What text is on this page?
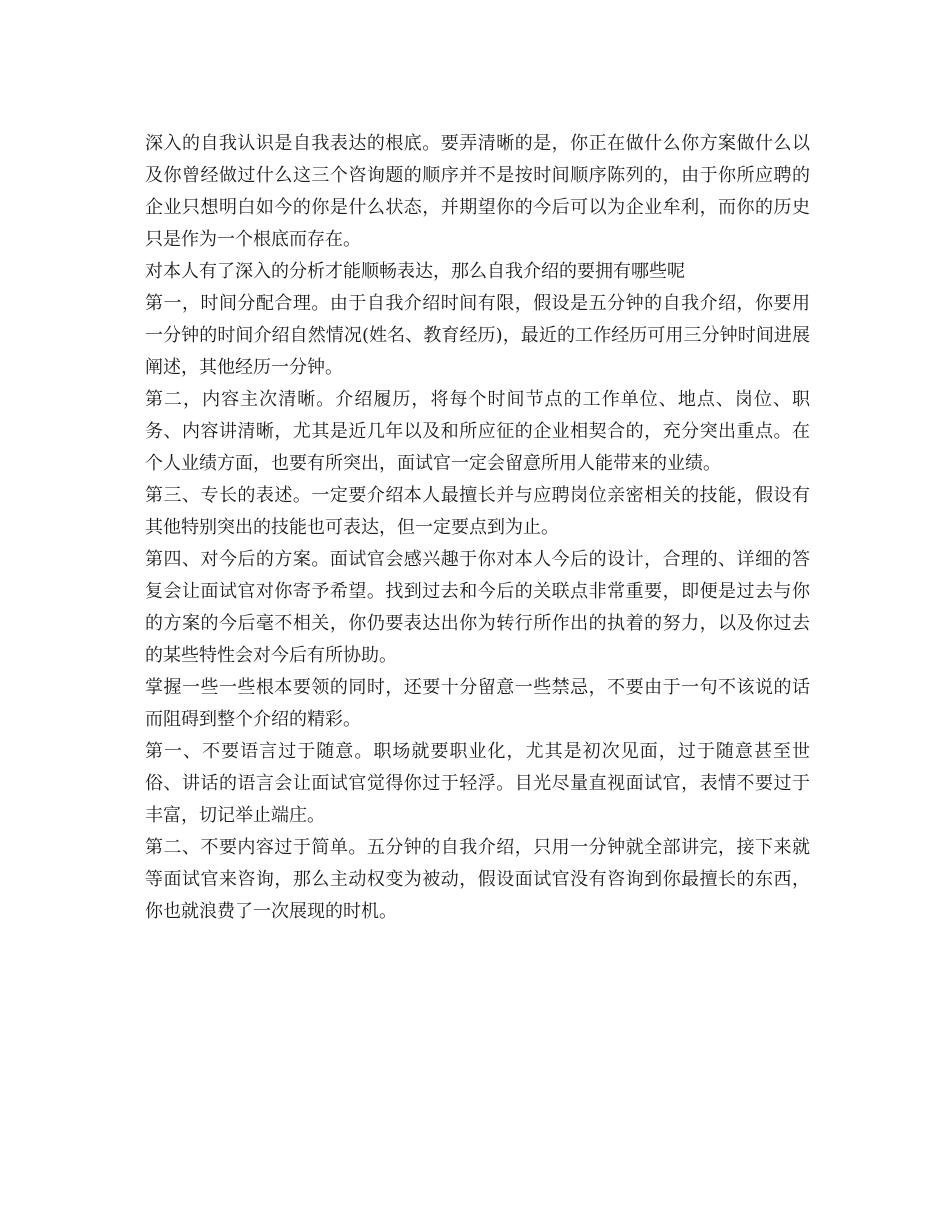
深入的自我认识是自我表达的根底。要弄清晰的是，你正在做什么你方案做什么以及你曾经做过什么这三个咨询题的顺序并不是按时间顺序陈列的，由于你所应聘的企业只想明白如今的你是什么状态，并期望你的今后可以为企业牟利，而你的历史只是作为一个根底而存在。

对本人有了深入的分析才能顺畅表达，那么自我介绍的要拥有哪些呢

第一，时间分配合理。由于自我介绍时间有限，假设是五分钟的自我介绍，你要用一分钟的时间介绍自然情况(姓名、教育经历)，最近的工作经历可用三分钟时间进展阐述，其他经历一分钟。

第二，内容主次清晰。介绍履历，将每个时间节点的工作单位、地点、岗位、职务、内容讲清晰，尤其是近几年以及和所应征的企业相契合的，充分突出重点。在个人业绩方面，也要有所突出，面试官一定会留意所用人能带来的业绩。

第三、专长的表述。一定要介绍本人最擅长并与应聘岗位亲密相关的技能，假设有其他特别突出的技能也可表达，但一定要点到为止。

第四、对今后的方案。面试官会感兴趣于你对本人今后的设计，合理的、详细的答复会让面试官对你寄予希望。找到过去和今后的关联点非常重要，即便是过去与你的方案的今后毫不相关，你仍要表达出你为转行所作出的执着的努力，以及你过去的某些特性会对今后有所协助。

掌握一些一些根本要领的同时，还要十分留意一些禁忌，不要由于一句不该说的话而阻碍到整个介绍的精彩。

第一、不要语言过于随意。职场就要职业化，尤其是初次见面，过于随意甚至世俗、讲话的语言会让面试官觉得你过于轻浮。目光尽量直视面试官，表情不要过于丰富，切记举止端庄。

第二、不要内容过于简单。五分钟的自我介绍，只用一分钟就全部讲完，接下来就等面试官来咨询，那么主动权变为被动，假设面试官没有咨询到你最擅长的东西，你也就浪费了一次展现的时机。
